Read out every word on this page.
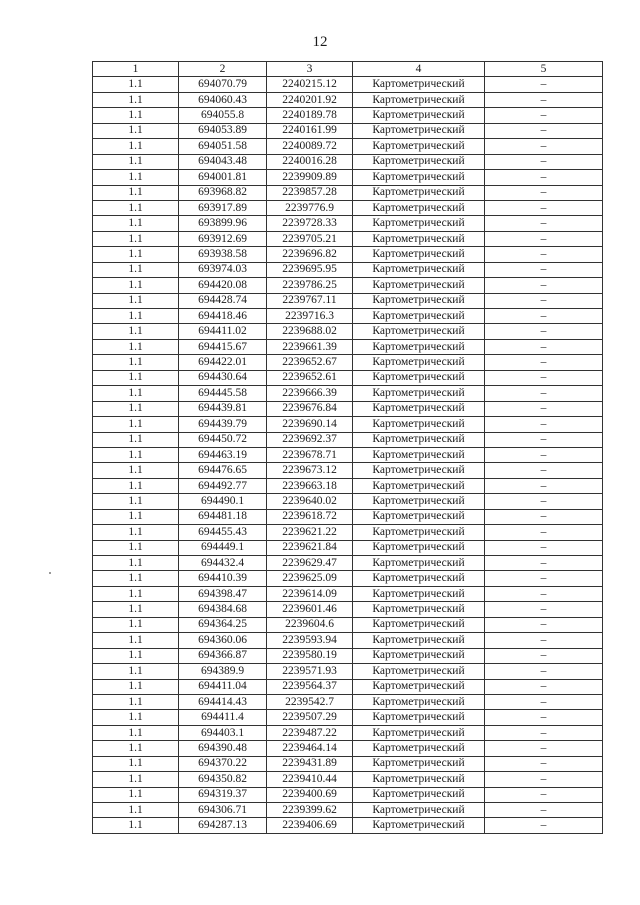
12
1	2	3	4	5
1.1	694070.79	2240215.12	Картометрический	–
1.1	694060.43	2240201.92	Картометрический	–
1.1	694055.8	2240189.78	Картометрический	–
1.1	694053.89	2240161.99	Картометрический	–
1.1	694051.58	2240089.72	Картометрический	–
1.1	694043.48	2240016.28	Картометрический	–
1.1	694001.81	2239909.89	Картометрический	–
1.1	693968.82	2239857.28	Картометрический	–
1.1	693917.89	2239776.9	Картометрический	–
1.1	693899.96	2239728.33	Картометрический	–
1.1	693912.69	2239705.21	Картометрический	–
1.1	693938.58	2239696.82	Картометрический	–
1.1	693974.03	2239695.95	Картометрический	–
1.1	694420.08	2239786.25	Картометрический	–
1.1	694428.74	2239767.11	Картометрический	–
1.1	694418.46	2239716.3	Картометрический	–
1.1	694411.02	2239688.02	Картометрический	–
1.1	694415.67	2239661.39	Картометрический	–
1.1	694422.01	2239652.67	Картометрический	–
1.1	694430.64	2239652.61	Картометрический	–
1.1	694445.58	2239666.39	Картометрический	–
1.1	694439.81	2239676.84	Картометрический	–
1.1	694439.79	2239690.14	Картометрический	–
1.1	694450.72	2239692.37	Картометрический	–
1.1	694463.19	2239678.71	Картометрический	–
1.1	694476.65	2239673.12	Картометрический	–
1.1	694492.77	2239663.18	Картометрический	–
1.1	694490.1	2239640.02	Картометрический	–
1.1	694481.18	2239618.72	Картометрический	–
1.1	694455.43	2239621.22	Картометрический	–
1.1	694449.1	2239621.84	Картометрический	–
1.1	694432.4	2239629.47	Картометрический	–
1.1	694410.39	2239625.09	Картометрический	–
1.1	694398.47	2239614.09	Картометрический	–
1.1	694384.68	2239601.46	Картометрический	–
1.1	694364.25	2239604.6	Картометрический	–
1.1	694360.06	2239593.94	Картометрический	–
1.1	694366.87	2239580.19	Картометрический	–
1.1	694389.9	2239571.93	Картометрический	–
1.1	694411.04	2239564.37	Картометрический	–
1.1	694414.43	2239542.7	Картометрический	–
1.1	694411.4	2239507.29	Картометрический	–
1.1	694403.1	2239487.22	Картометрический	–
1.1	694390.48	2239464.14	Картометрический	–
1.1	694370.22	2239431.89	Картометрический	–
1.1	694350.82	2239410.44	Картометрический	–
1.1	694319.37	2239400.69	Картометрический	–
1.1	694306.71	2239399.62	Картометрический	–
1.1	694287.13	2239406.69	Картометрический	–
